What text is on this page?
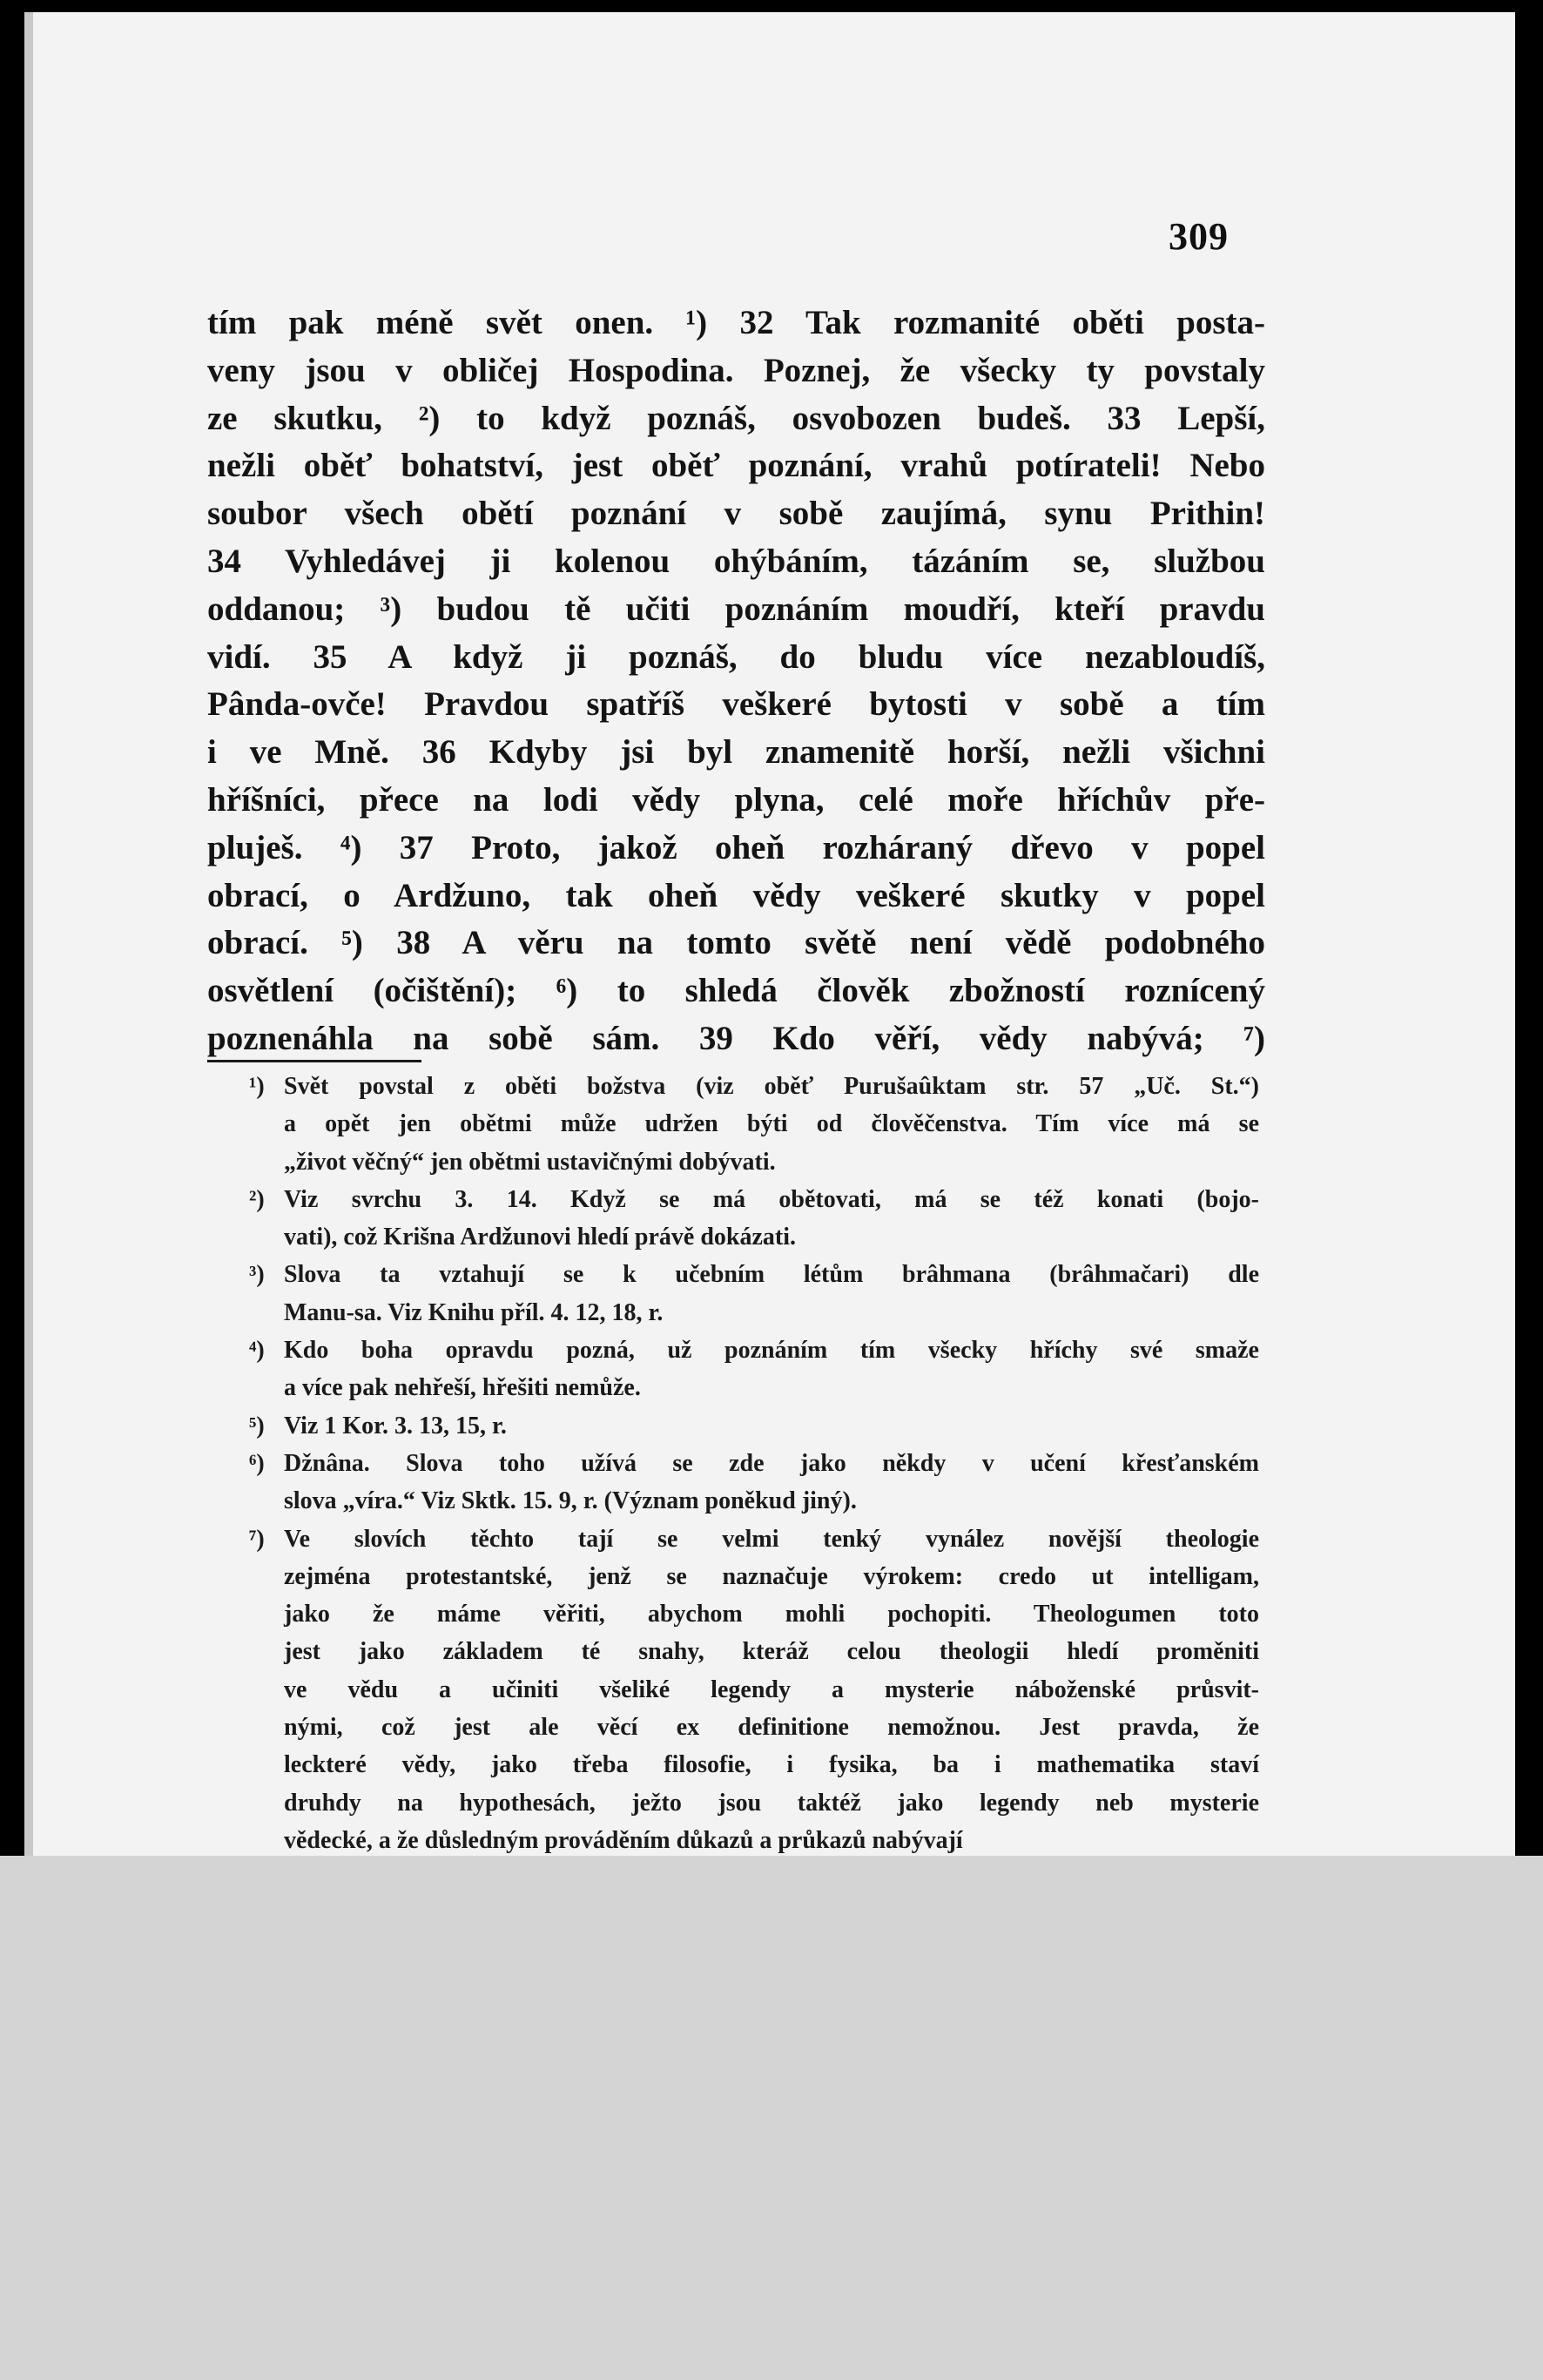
309
tím pak méně svět onen. ¹) 32 Tak rozmanité oběti posta-
veny jsou v obličej Hospodina. Poznej, že všecky ty povstaly
ze skutku, ²) to když poznáš, osvobozen budeš. 33 Lepší,
nežli oběť bohatství, jest oběť poznání, vrahů potírateli! Nebo
soubor všech obětí poznání v sobě zaujímá, synu Prithin!
34 Vyhledávej ji kolenou ohýbáním, tázáním se, službou
oddanou; ³) budou tě učiti poznáním moudří, kteří pravdu
vidí. 35 A když ji poznáš, do bludu více nezabloudíš,
Pânda-ovče! Pravdou spatříš veškeré bytosti v sobě a tím
i ve Mně. 36 Kdyby jsi byl znamenitě horší, nežli všichni
hříšníci, přece na lodi vědy plyna, celé moře hříchův pře-
pluješ. ⁴) 37 Proto, jakož oheň rozháraný dřevo v popel
obrací, o Ardžuno, tak oheň vědy veškeré skutky v popel
obrací. ⁵) 38 A věru na tomto světě není vědě podobného
osvětlení (očištění); ⁶) to shledá člověk zbožností roznícený
poznenáhla na sobě sám. 39 Kdo věří, vědy nabývá; ⁷)
¹) Svět povstal z oběti božstva (viz oběť Purušaûktam str. 57 „Uč. St.“)
a opět jen obětmi může udržen býti od člověčenstva. Tím více má se
„život věčný“ jen obětmi ustavičnými dobývati.
²) Viz svrchu 3. 14. Když se má obětovati, má se též konati (bojo-
vati), což Krišna Ardžunovi hledí právě dokázati.
³) Slova ta vztahují se k učebním létům brâhmana (brâhmačari) dle
Manu-sa. Viz Knihu příl. 4. 12, 18, r.
⁴) Kdo boha opravdu pozná, už poznáním tím všecky hříchy své smaže
a více pak nehřeší, hřešiti nemůže.
⁵) Viz 1 Kor. 3. 13, 15, r.
⁶) Džnâna. Slova toho užívá se zde jako někdy v učení křesťanském
slova „víra.“ Viz Sktk. 15. 9, r. (Význam poněkud jiný).
⁷) Ve slovích těchto tají se velmi tenký vynález novější theologie
zejména protestantské, jenž se naznačuje výrokem: credo ut intelligam,
jako že máme věřiti, abychom mohli pochopiti. Theologumen toto
jest jako základem té snahy, kteráž celou theologii hledí proměniti
ve vědu a učiniti všeliké legendy a mysterie náboženské průsvit-
nými, což jest ale věcí ex definitione nemožnou. Jest pravda, že
leckteré vědy, jako třeba filosofie, i fysika, ba i mathematika staví
druhdy na hypothesách, ježto jsou taktéž jako legendy neb mysterie
vědecké, a že důsledným prováděním důkazů a průkazů nabývají
